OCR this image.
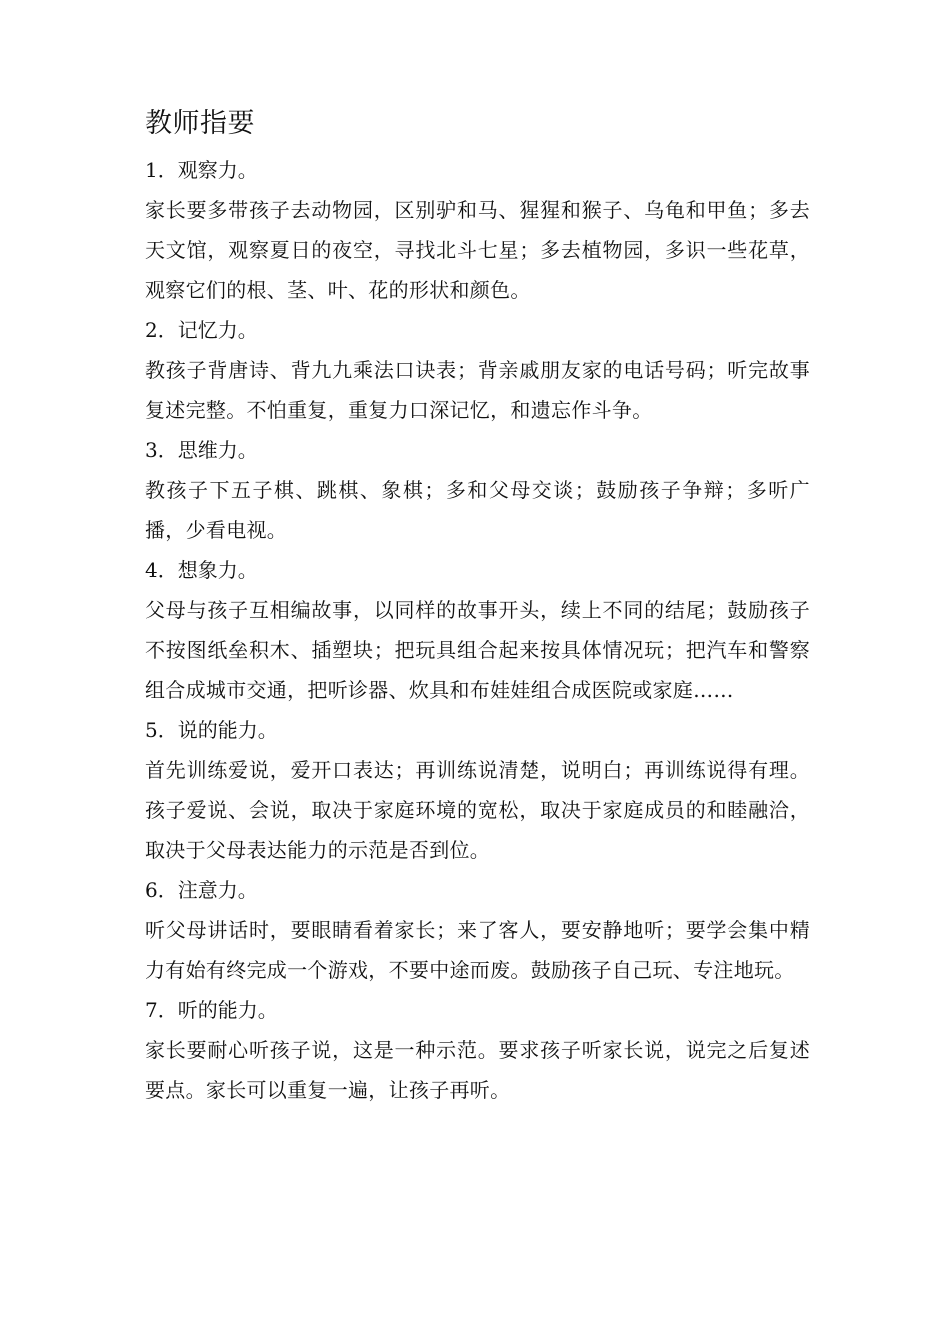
教师指要

1．观察力。

家长要多带孩子去动物园，区别驴和马、猩猩和猴子、乌龟和甲鱼；多去天文馆，观察夏日的夜空，寻找北斗七星；多去植物园，多识一些花草，观察它们的根、茎、叶、花的形状和颜色。

2．记忆力。

教孩子背唐诗、背九九乘法口诀表；背亲戚朋友家的电话号码；听完故事复述完整。不怕重复，重复力口深记忆，和遗忘作斗争。

3．思维力。

教孩子下五子棋、跳棋、象棋；多和父母交谈；鼓励孩子争辩；多听广播，少看电视。

4．想象力。

父母与孩子互相编故事，以同样的故事开头，续上不同的结尾；鼓励孩子不按图纸垒积木、插塑块；把玩具组合起来按具体情况玩；把汽车和警察组合成城市交通，把听诊器、炊具和布娃娃组合成医院或家庭……

5．说的能力。

首先训练爱说，爱开口表达；再训练说清楚，说明白；再训练说得有理。孩子爱说、会说，取决于家庭环境的宽松，取决于家庭成员的和睦融洽，取决于父母表达能力的示范是否到位。

6．注意力。

听父母讲话时，要眼睛看着家长；来了客人，要安静地听；要学会集中精力有始有终完成一个游戏，不要中途而废。鼓励孩子自己玩、专注地玩。

7．听的能力。

家长要耐心听孩子说，这是一种示范。要求孩子听家长说，说完之后复述要点。家长可以重复一遍，让孩子再听。
